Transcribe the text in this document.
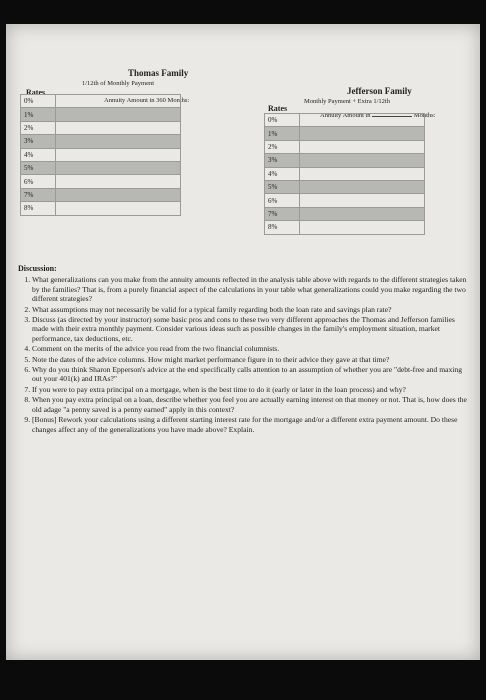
Thomas Family
1/12th of Monthly Payment
Annuity Amount in 360 Months:
Rates	Jefferson Family
Monthly Payment + Extra 1/12th
Annuity Amount in	Months:
Rates
0%	
1%	
2%	
3%	
4%	
5%	
6%	
7%	
8%	
0%	
1%	
2%	
3%	
4%	
5%	
6%	
7%	
8%	
Discussion:
1. What generalizations can you make from the annuity amounts reflected in the analysis table above with regards to the different strategies taken by the families? That is, from a purely financial aspect of the calculations in your table what generalizations could you make regarding the two different strategies?
2. What assumptions may not necessarily be valid for a typical family regarding both the loan rate and savings plan rate?
3. Discuss (as directed by your instructor) some basic pros and cons to these two very different approaches the Thomas and Jefferson families made with their extra monthly payment. Consider various ideas such as possible changes in the family's employment situation, market performance, tax deductions, etc.
4. Comment on the merits of the advice you read from the two financial columnists.
5. Note the dates of the advice columns. How might market performance figure in to their advice they gave at that time?
6. Why do you think Sharon Epperson's advice at the end specifically calls attention to an assumption of whether you are "debt-free and maxing out your 401(k) and IRAs?"
7. If you were to pay extra principal on a mortgage, when is the best time to do it (early or later in the loan process) and why?
8. When you pay extra principal on a loan, describe whether you feel you are actually earning interest on that money or not. That is, how does the old adage "a penny saved is a penny earned" apply in this context?
9. [Bonus] Rework your calculations using a different starting interest rate for the mortgage and/or a different extra payment amount. Do these changes affect any of the generalizations you have made above? Explain.
